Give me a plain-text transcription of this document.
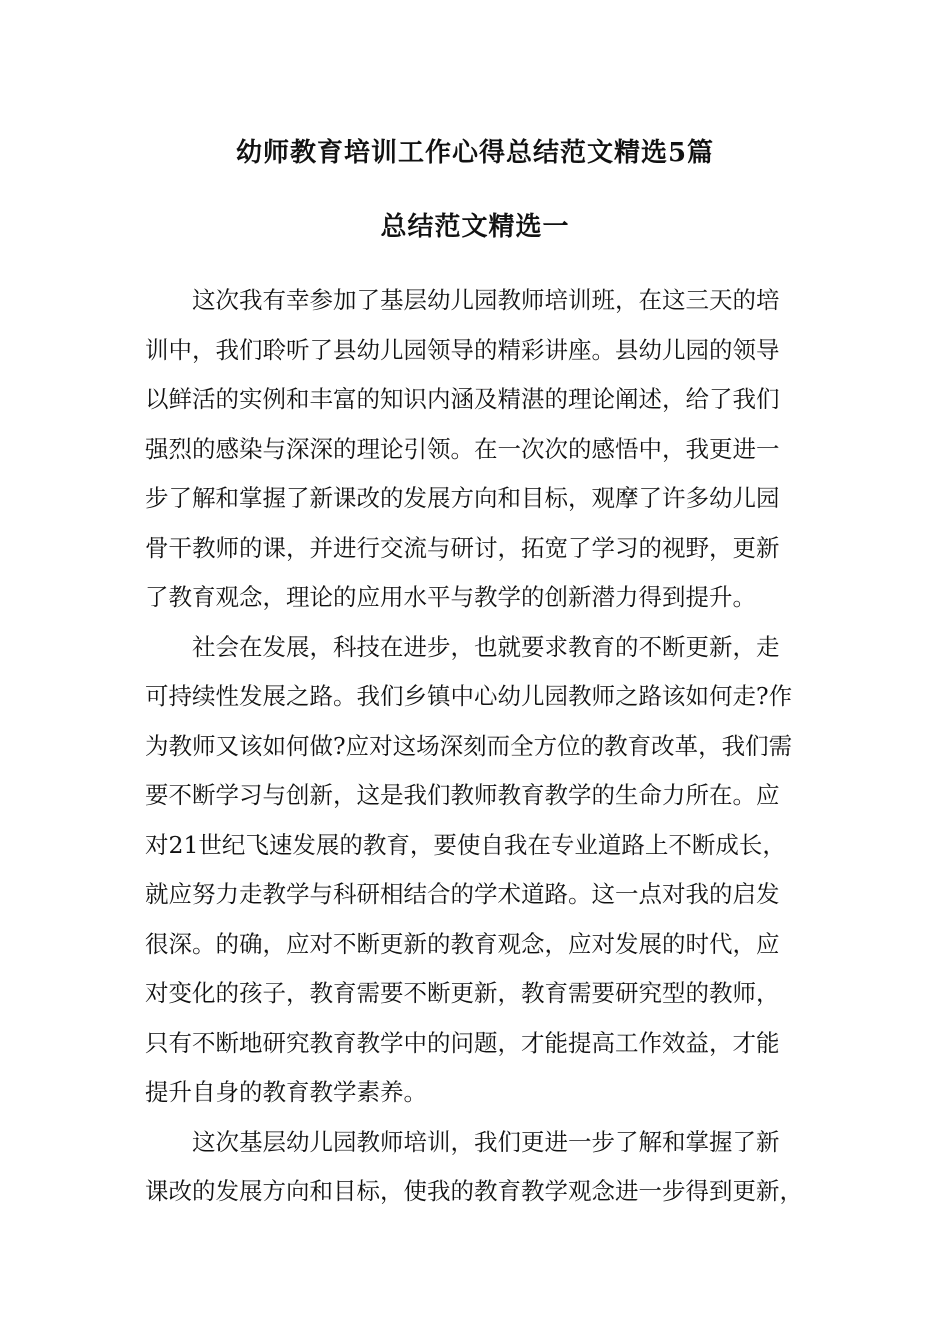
幼师教育培训工作心得总结范文精选5篇
总结范文精选一
这次我有幸参加了基层幼儿园教师培训班，在这三天的培
训中，我们聆听了县幼儿园领导的精彩讲座。县幼儿园的领导
以鲜活的实例和丰富的知识内涵及精湛的理论阐述，给了我们
强烈的感染与深深的理论引领。在一次次的感悟中，我更进一
步了解和掌握了新课改的发展方向和目标，观摩了许多幼儿园
骨干教师的课，并进行交流与研讨，拓宽了学习的视野，更新
了教育观念，理论的应用水平与教学的创新潜力得到提升。
社会在发展，科技在进步，也就要求教育的不断更新，走
可持续性发展之路。我们乡镇中心幼儿园教师之路该如何走?作
为教师又该如何做?应对这场深刻而全方位的教育改革，我们需
要不断学习与创新，这是我们教师教育教学的生命力所在。应
对21世纪飞速发展的教育，要使自我在专业道路上不断成长，
就应努力走教学与科研相结合的学术道路。这一点对我的启发
很深。的确，应对不断更新的教育观念，应对发展的时代，应
对变化的孩子，教育需要不断更新，教育需要研究型的教师，
只有不断地研究教育教学中的问题，才能提高工作效益，才能
提升自身的教育教学素养。
这次基层幼儿园教师培训，我们更进一步了解和掌握了新
课改的发展方向和目标，使我的教育教学观念进一步得到更新，
